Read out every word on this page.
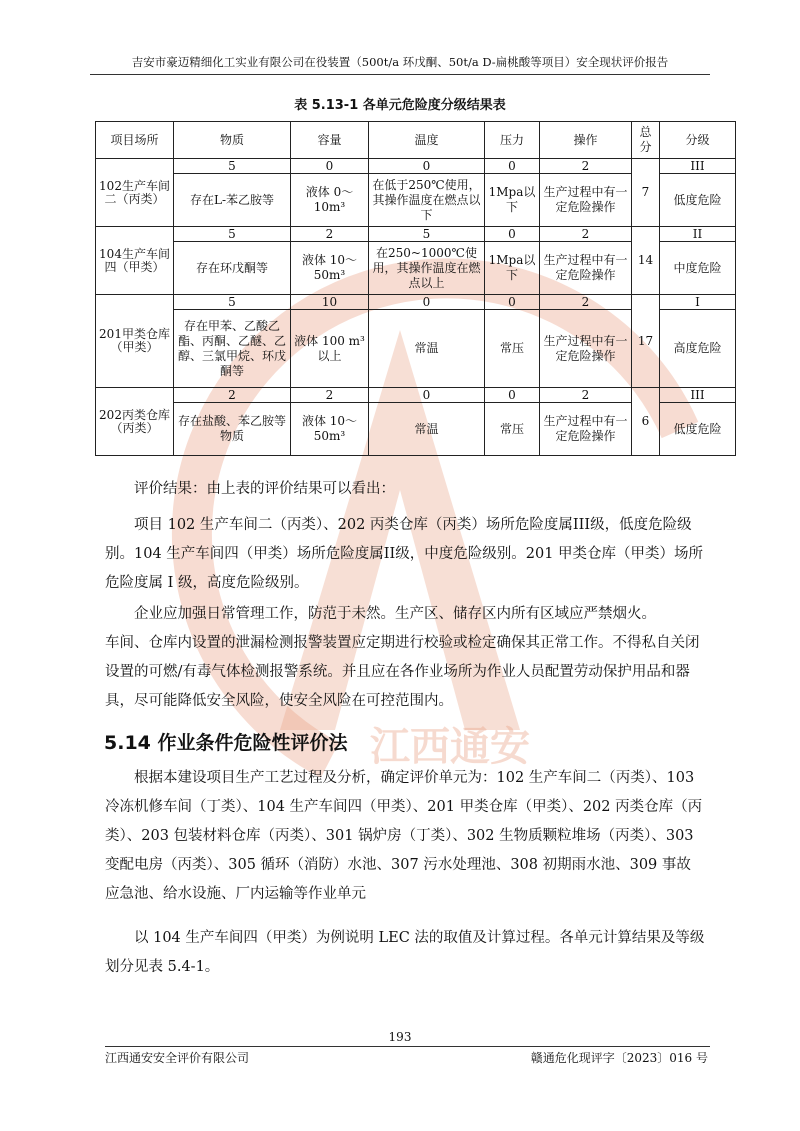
江西通安
吉安市豪迈精细化工实业有限公司在役装置（500t/a 环戊酮、50t/a D-扁桃酸等项目）安全现状评价报告
表 5.13-1 各单元危险度分级结果表
项目场所	物质	容量	温度	压力	操作	总分	分级
102生产车间二（丙类）	5	0	0	0	2	7	III
	存在L-苯乙胺等	液体 0～10m³	在低于250℃使用，其操作温度在燃点以下	1Mpa以下	生产过程中有一定危险操作		低度危险
104生产车间四（甲类）	5	2	5	0	2	14	II
	存在环戊酮等	液体 10～50m³	在250~1000℃使用，其操作温度在燃点以上	1Mpa以下	生产过程中有一定危险操作		中度危险
201甲类仓库（甲类）	5	10	0	0	2	17	I
	存在甲苯、乙酸乙酯、丙酮、乙醚、乙醇、三氯甲烷、环戊酮等	液体 100 m³以上	常温	常压	生产过程中有一定危险操作		高度危险
202丙类仓库（丙类）	2	2	0	0	2	6	III
	存在盐酸、苯乙胺等物质	液体 10～50m³	常温	常压	生产过程中有一定危险操作		低度危险
评价结果：由上表的评价结果可以看出：
项目 102 生产车间二（丙类）、202 丙类仓库（丙类）场所危险度属III级，低度危险级别。104 生产车间四（甲类）场所危险度属II级，中度危险级别。201 甲类仓库（甲类）场所危险度属 I 级，高度危险级别。
企业应加强日常管理工作，防范于未然。生产区、储存区内所有区域应严禁烟火。
车间、仓库内设置的泄漏检测报警装置应定期进行校验或检定确保其正常工作。不得私自关闭设置的可燃/有毒气体检测报警系统。并且应在各作业场所为作业人员配置劳动保护用品和器具，尽可能降低安全风险，使安全风险在可控范围内。
5.14 作业条件危险性评价法
根据本建设项目生产工艺过程及分析，确定评价单元为：102 生产车间二（丙类）、103 冷冻机修车间（丁类）、104 生产车间四（甲类）、201 甲类仓库（甲类）、202 丙类仓库（丙类）、203 包装材料仓库（丙类）、301 锅炉房（丁类）、302 生物质颗粒堆场（丙类）、303 变配电房（丙类）、305 循环（消防）水池、307 污水处理池、308 初期雨水池、309 事故应急池、给水设施、厂内运输等作业单元
以 104 生产车间四（甲类）为例说明 LEC 法的取值及计算过程。各单元计算结果及等级划分见表 5.4-1。
193
江西通安安全评价有限公司	赣通危化现评字〔2023〕016 号
